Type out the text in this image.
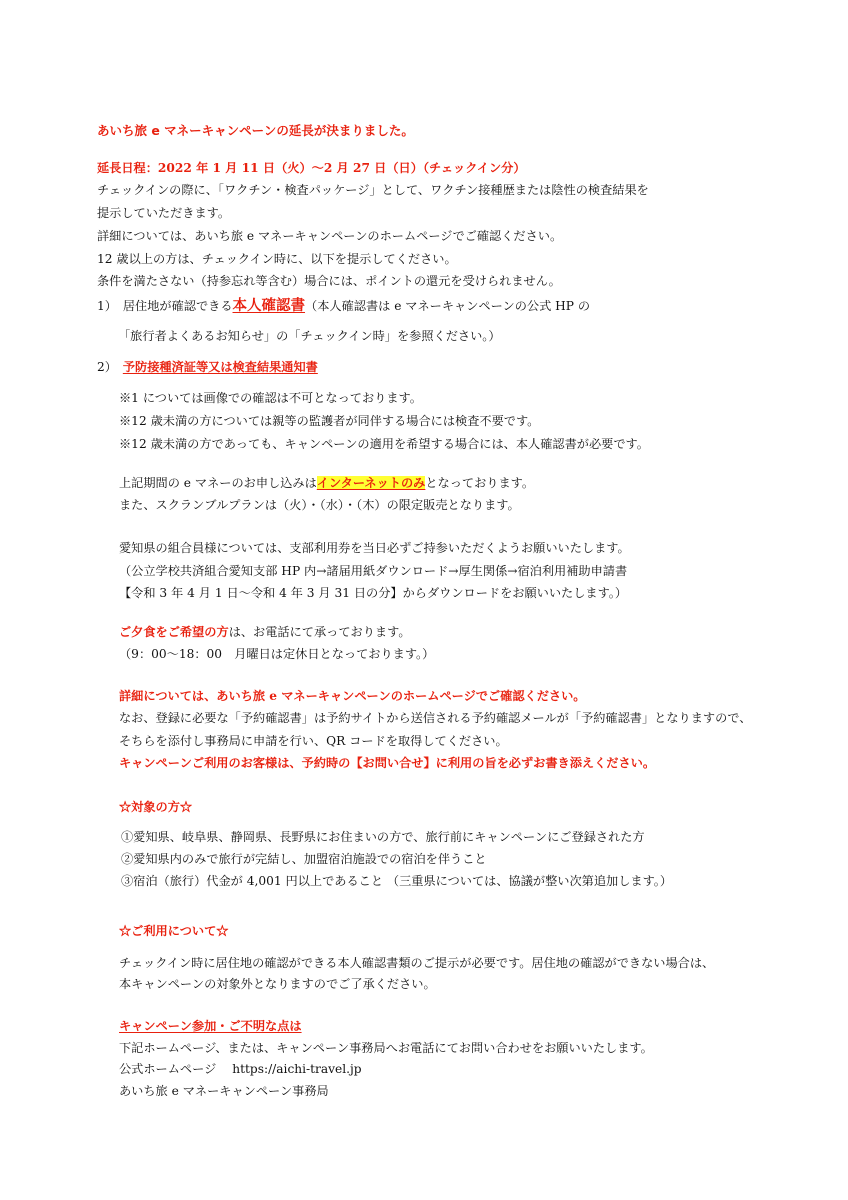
あいち旅 e マネーキャンペーンの延長が決まりました。
延長日程：2022 年 1 月 11 日（火）～2 月 27 日（日）（チェックイン分）
チェックインの際に、「ワクチン・検査パッケージ」として、ワクチン接種歴または陰性の検査結果を
提示していただきます。
詳細については、あいち旅 e マネーキャンペーンのホームページでご確認ください。
12 歳以上の方は、チェックイン時に、以下を提示してください。
条件を満たさない（持参忘れ等含む）場合には、ポイントの還元を受けられません。
1） 居住地が確認できる本人確認書（本人確認書は e マネーキャンペーンの公式 HP の
「旅行者よくあるお知らせ」の「チェックイン時」を参照ください。）
2） 予防接種済証等又は検査結果通知書
※1 については画像での確認は不可となっております。
※12 歳未満の方については親等の監護者が同伴する場合には検査不要です。
※12 歳未満の方であっても、キャンペーンの適用を希望する場合には、本人確認書が必要です。
上記期間の e マネーのお申し込みはインターネットのみとなっております。
また、スクランブルプランは（火）・（水）・（木）の限定販売となります。
愛知県の組合員様については、支部利用券を当日必ずご持参いただくようお願いいたします。
（公立学校共済組合愛知支部 HP 内→諸届用紙ダウンロード→厚生関係→宿泊利用補助申請書
【令和 3 年 4 月 1 日～令和 4 年 3 月 31 日の分】からダウンロードをお願いいたします。）
ご夕食をご希望の方は、お電話にて承っております。
（9：00～18：00　月曜日は定休日となっております。）
詳細については、あいち旅 e マネーキャンペーンのホームページでご確認ください。
なお、登録に必要な「予約確認書」は予約サイトから送信される予約確認メールが「予約確認書」となりますので、
そちらを添付し事務局に申請を行い、QR コードを取得してください。
キャンペーンご利用のお客様は、予約時の【お問い合せ】に利用の旨を必ずお書き添えください。
☆対象の方☆
①愛知県、岐阜県、静岡県、長野県にお住まいの方で、旅行前にキャンペーンにご登録された方
②愛知県内のみで旅行が完結し、加盟宿泊施設での宿泊を伴うこと
③宿泊（旅行）代金が 4,001 円以上であること （三重県については、協議が整い次第追加します。）
☆ご利用について☆
チェックイン時に居住地の確認ができる本人確認書類のご提示が必要です。居住地の確認ができない場合は、
本キャンペーンの対象外となりますのでご了承ください。
キャンペーン参加・ご不明な点は
下記ホームページ、または、キャンペーン事務局へお電話にてお問い合わせをお願いいたします。
公式ホームページ https://aichi-travel.jp
あいち旅 e マネーキャンペーン事務局
